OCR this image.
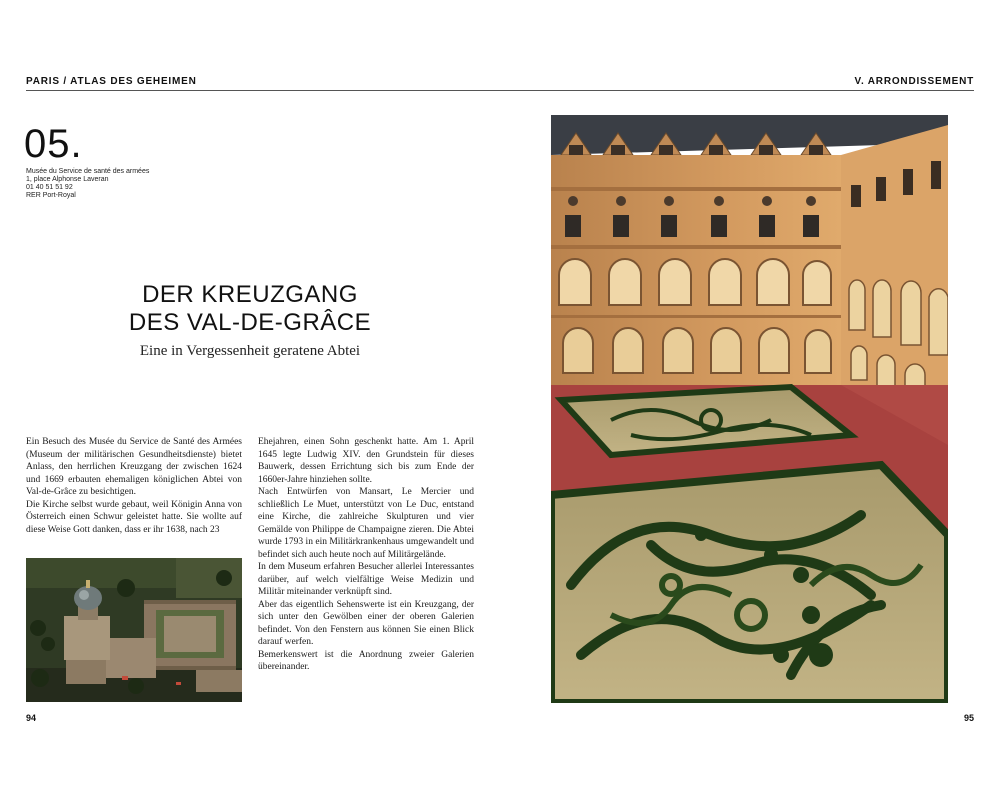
PARIS / ATLAS DES GEHEIMEN	V. ARRONDISSEMENT
05.
Musée du Service de santé des armées
1, place Alphonse Laveran
01 40 51 51 92
RER Port-Royal
DER KREUZGANG
DES VAL-DE-GRÂCE
Eine in Vergessenheit geratene Abtei

Ein Besuch des Musée du Service de Santé des Armées (Museum der militärischen Gesundheitsdienste) bietet Anlass, den herrlichen Kreuzgang der zwischen 1624 und 1669 erbauten ehemaligen königlichen Abtei von Val-de-Grâce zu besichtigen.

Die Kirche selbst wurde gebaut, weil Königin Anna von Österreich einen Schwur geleistet hatte. Sie wollte auf diese Weise Gott danken, dass er ihr 1638, nach 23

Ehejahren, einen Sohn geschenkt hatte. Am 1. April 1645 legte Ludwig XIV. den Grundstein für dieses Bauwerk, dessen Errichtung sich bis zum Ende der 1660er-Jahre hinziehen sollte.

Nach Entwürfen von Mansart, Le Mercier und schließlich Le Muet, unterstützt von Le Duc, entstand eine Kirche, die zahlreiche Skulpturen und vier Gemälde von Philippe de Champaigne zieren. Die Abtei wurde 1793 in ein Militärkrankenhaus umgewandelt und befindet sich auch heute noch auf Militärgelände.

In dem Museum erfahren Besucher allerlei Interessantes darüber, auf welch vielfältige Weise Medizin und Militär miteinander verknüpft sind.

Aber das eigentlich Sehenswerte ist ein Kreuzgang, der sich unter den Gewölben einer der oberen Galerien befindet. Von den Fenstern aus können Sie einen Blick darauf werfen.

Bemerkenswert ist die Anordnung zweier Galerien übereinander.

94	95
